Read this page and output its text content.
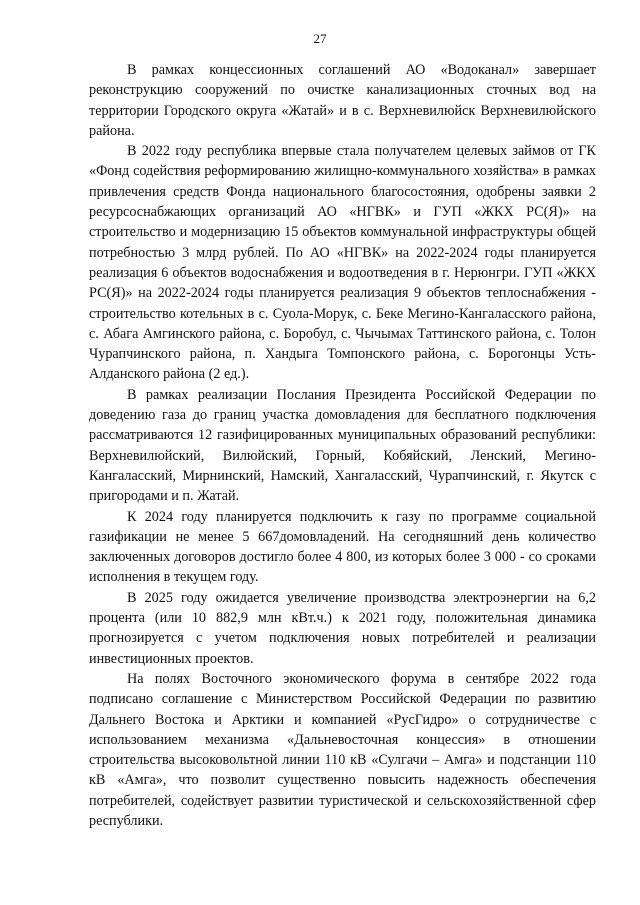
27

В рамках концессионных соглашений АО «Водоканал» завершает реконструкцию сооружений по очистке канализационных сточных вод на территории Городского округа «Жатай» и в с. Верхневилюйск Верхневилюйского района.

В 2022 году республика впервые стала получателем целевых займов от ГК «Фонд содействия реформированию жилищно-коммунального хозяйства» в рамках привлечения средств Фонда национального благосостояния, одобрены заявки 2 ресурсоснабжающих организаций АО «НГВК» и ГУП «ЖКХ РС(Я)» на строительство и модернизацию 15 объектов коммунальной инфраструктуры общей потребностью 3 млрд рублей. По АО «НГВК» на 2022-2024 годы планируется реализация 6 объектов водоснабжения и водоотведения в г. Нерюнгри. ГУП «ЖКХ РС(Я)» на 2022-2024 годы планируется реализация 9 объектов теплоснабжения - строительство котельных в с. Суола-Морук, с. Беке Мегино-Кангаласского района, с. Абага Амгинского района, с. Боробул, с. Чычымах Таттинского района, с. Толон Чурапчинского района, п. Хандыга Томпонского района, с. Борогонцы Усть-Алданского района (2 ед.).

В рамках реализации Послания Президента Российской Федерации по доведению газа до границ участка домовладения для бесплатного подключения рассматриваются 12 газифицированных муниципальных образований республики: Верхневилюйский, Вилюйский, Горный, Кобяйский, Ленский, Мегино-Кангаласский, Мирнинский, Намский, Хангаласский, Чурапчинский, г. Якутск с пригородами и п. Жатай.

К 2024 году планируется подключить к газу по программе социальной газификации не менее 5 667домовладений. На сегодняшний день количество заключенных договоров достигло более 4 800, из которых более 3 000 - со сроками исполнения в текущем году.

В 2025 году ожидается увеличение производства электроэнергии на 6,2 процента (или 10 882,9 млн кВт.ч.) к 2021 году, положительная динамика прогнозируется с учетом подключения новых потребителей и реализации инвестиционных проектов.

На полях Восточного экономического форума в сентябре 2022 года подписано соглашение с Министерством Российской Федерации по развитию Дальнего Востока и Арктики и компанией «РусГидро» о сотрудничестве с использованием механизма «Дальневосточная концессия» в отношении строительства высоковольтной линии 110 кВ «Сулгачи – Амга» и подстанции 110 кВ «Амга», что позволит существенно повысить надежность обеспечения потребителей, содействует развитии туристической и сельскохозяйственной сфер республики.
